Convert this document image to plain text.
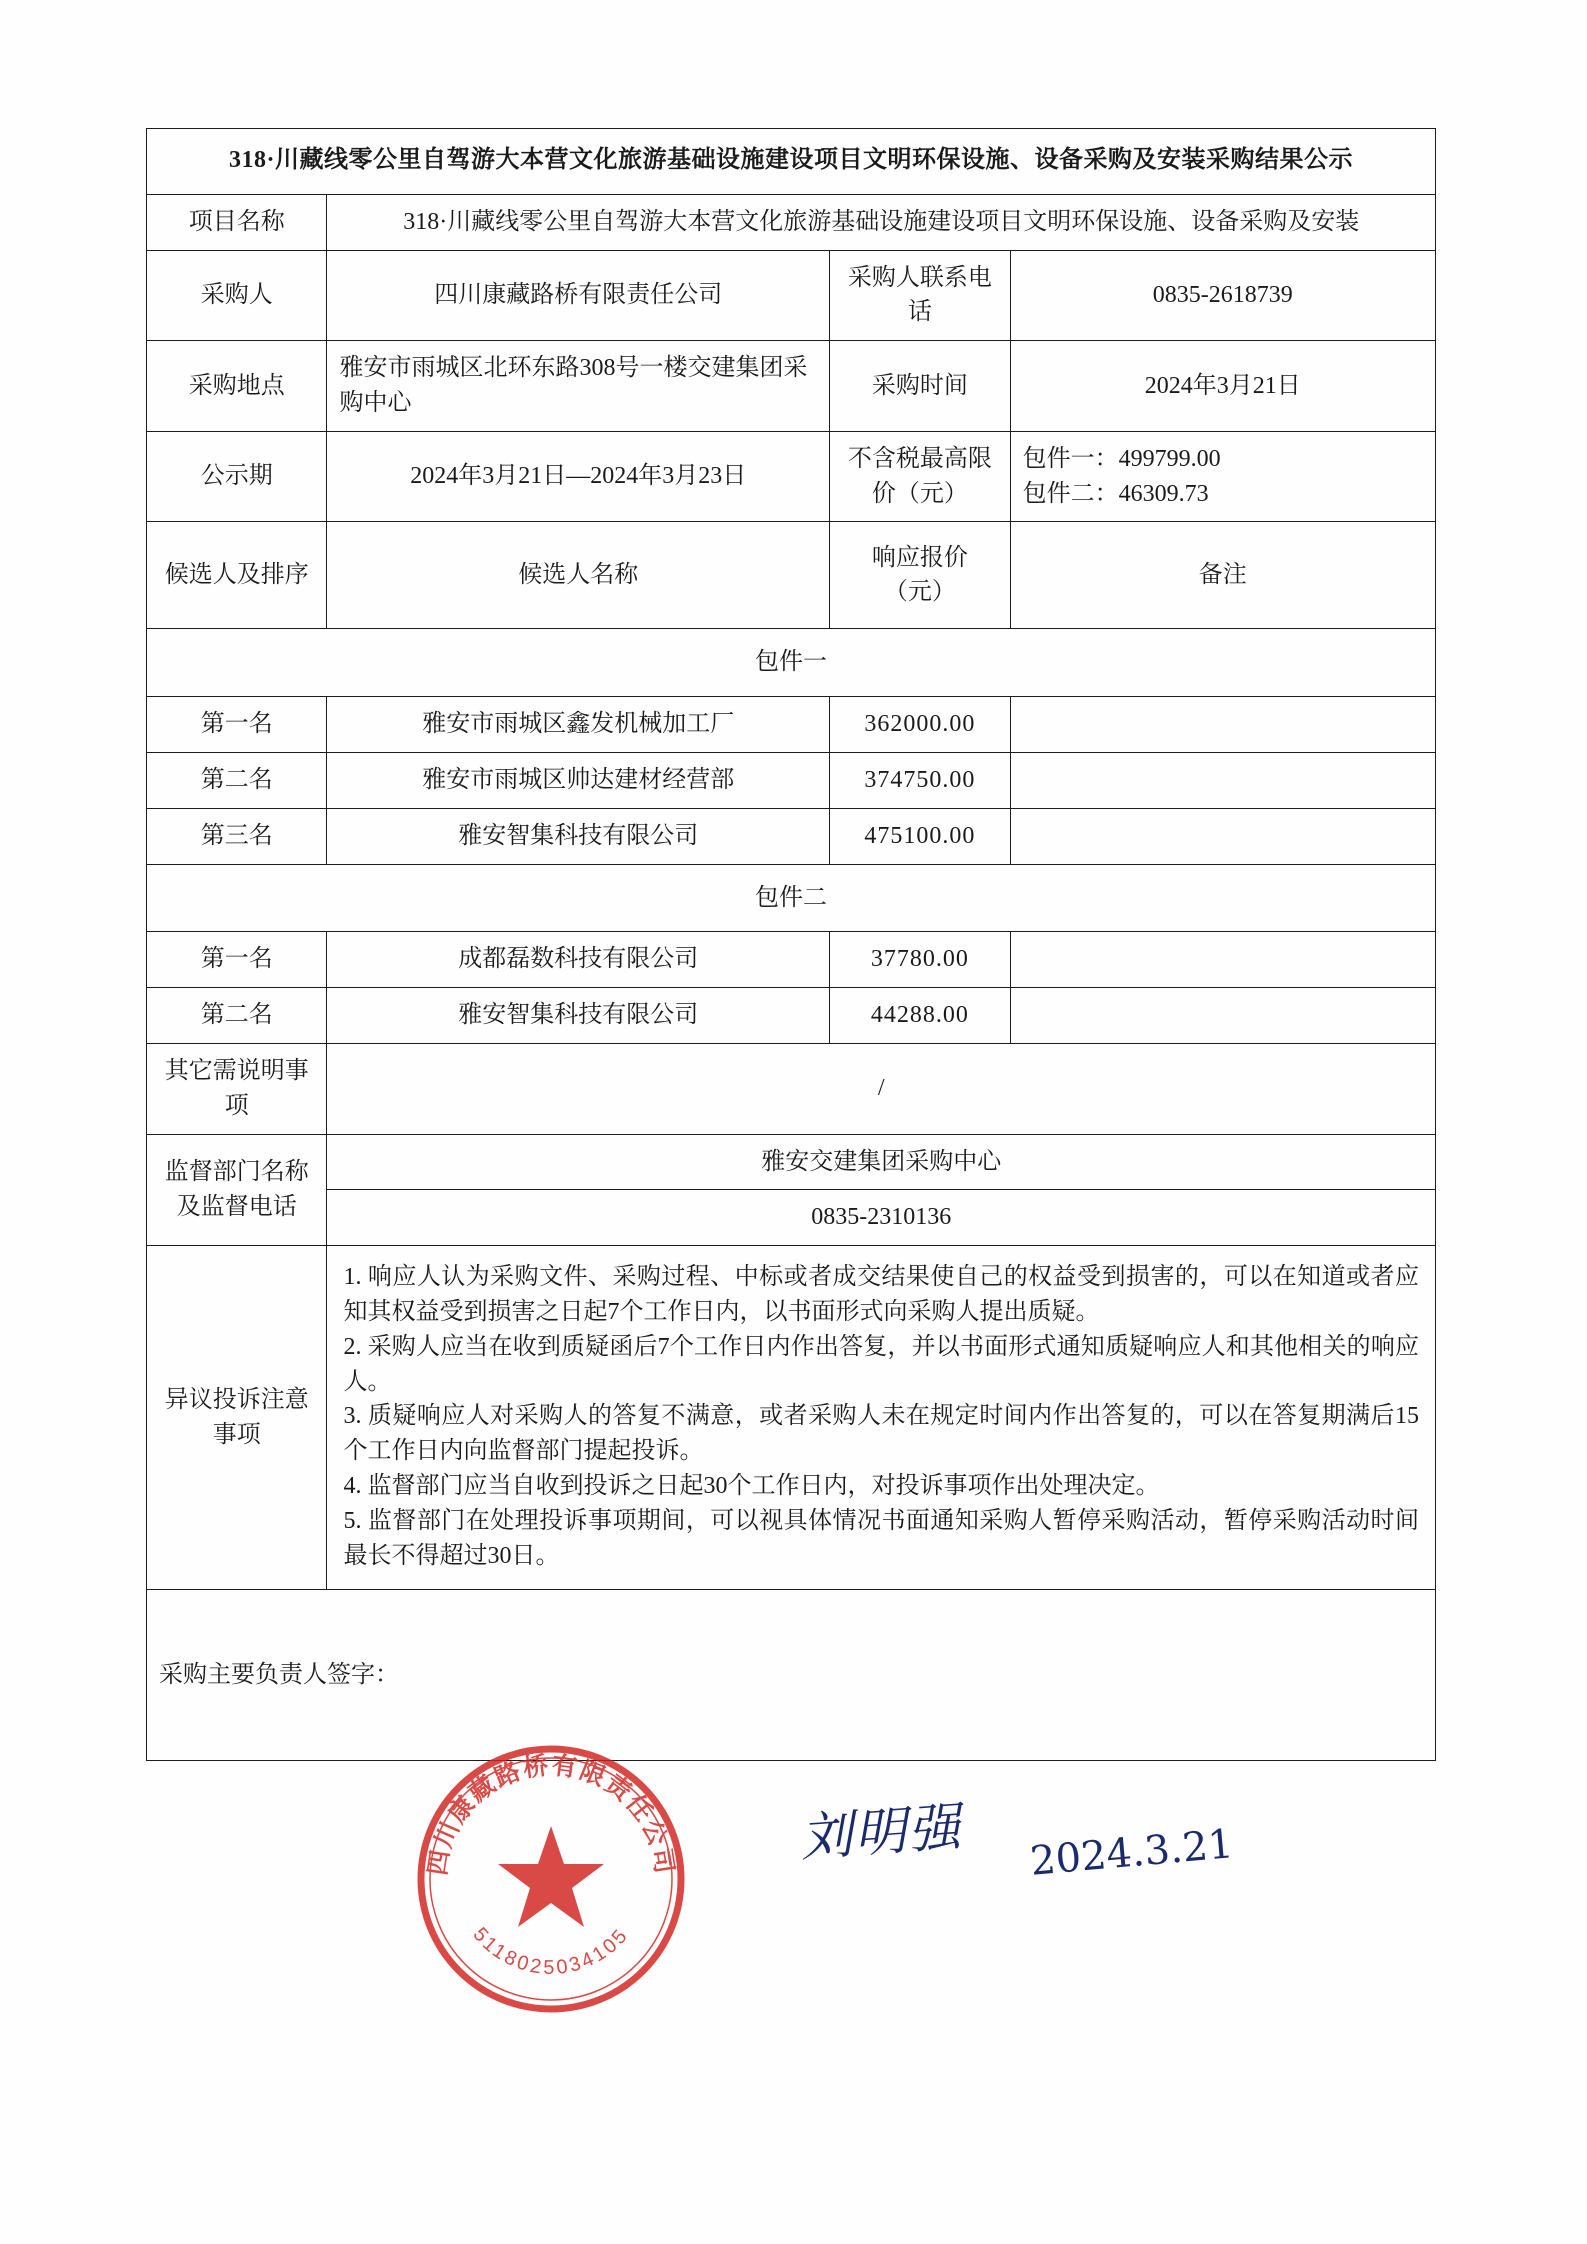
318·川藏线零公里自驾游大本营文化旅游基础设施建设项目文明环保设施、设备采购及安装采购结果公示			
项目名称	318·川藏线零公里自驾游大本营文化旅游基础设施建设项目文明环保设施、设备采购及安装		
采购人	四川康藏路桥有限责任公司	采购人联系电话	0835-2618739
采购地点	雅安市雨城区北环东路308号一楼交建集团采购中心	采购时间	2024年3月21日
公示期	2024年3月21日—2024年3月23日	不含税最高限价（元）	包件一：499799.00
包件二：46309.73

候选人及排序	候选人名称	响应报价（元）	备注
包件一			
第一名	雅安市雨城区鑫发机械加工厂	362000.00	
第二名	雅安市雨城区帅达建材经营部	374750.00	
第三名	雅安智集科技有限公司	475100.00	
包件二			
第一名	成都磊数科技有限公司	37780.00	
第二名	雅安智集科技有限公司	44288.00	
其它需说明事项	/		
监督部门名称及监督电话	雅安交建集团采购中心		
	0835-2310136		
异议投诉注意事项	1. 响应人认为采购文件、采购过程、中标或者成交结果使自己的权益受到损害的，可以在知道或者应知其权益受到损害之日起7个工作日内，以书面形式向采购人提出质疑。

2. 采购人应当在收到质疑函后7个工作日内作出答复，并以书面形式通知质疑响应人和其他相关的响应人。

3. 质疑响应人对采购人的答复不满意，或者采购人未在规定时间内作出答复的，可以在答复期满后15个工作日内向监督部门提起投诉。

4. 监督部门应当自收到投诉之日起30个工作日内，对投诉事项作出处理决定。

5. 监督部门在处理投诉事项期间，可以视具体情况书面通知采购人暂停采购活动，暂停采购活动时间最长不得超过30日。		

采购主要负责人签字：			
刘明强 2024.3.21
四川康藏路桥有限责任公司
5118025034105
